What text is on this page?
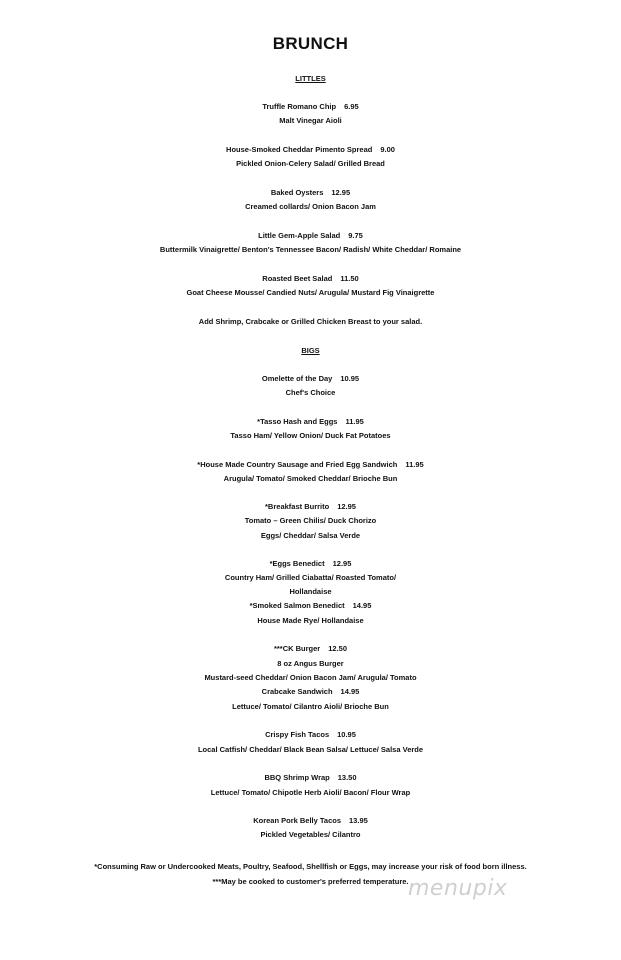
BRUNCH
LITTLES
Truffle Romano Chip 6.95
Malt Vinegar Aioli
House-Smoked Cheddar Pimento Spread 9.00
Pickled Onion-Celery Salad/ Grilled Bread
Baked Oysters 12.95
Creamed collards/ Onion Bacon Jam
Little Gem-Apple Salad 9.75
Buttermilk Vinaigrette/ Benton's Tennessee Bacon/ Radish/ White Cheddar/ Romaine
Roasted Beet Salad 11.50
Goat Cheese Mousse/ Candied Nuts/ Arugula/ Mustard Fig Vinaigrette
Add Shrimp, Crabcake or Grilled Chicken Breast to your salad.
BIGS
Omelette of the Day 10.95
Chef's Choice
*Tasso Hash and Eggs 11.95
Tasso Ham/ Yellow Onion/ Duck Fat Potatoes
*House Made Country Sausage and Fried Egg Sandwich 11.95
Arugula/ Tomato/ Smoked Cheddar/ Brioche Bun
*Breakfast Burrito 12.95
Tomato – Green Chilis/ Duck Chorizo
Eggs/ Cheddar/ Salsa Verde
*Eggs Benedict 12.95
Country Ham/ Grilled Ciabatta/ Roasted Tomato/
Hollandaise
*Smoked Salmon Benedict 14.95
House Made Rye/ Hollandaise
***CK Burger 12.50
8 oz Angus Burger
Mustard-seed Cheddar/ Onion Bacon Jam/ Arugula/ Tomato
Crabcake Sandwich 14.95
Lettuce/ Tomato/ Cilantro Aioli/ Brioche Bun
Crispy Fish Tacos 10.95
Local Catfish/ Cheddar/ Black Bean Salsa/ Lettuce/ Salsa Verde
BBQ Shrimp Wrap 13.50
Lettuce/ Tomato/ Chipotle Herb Aioli/ Bacon/ Flour Wrap
Korean Pork Belly Tacos 13.95
Pickled Vegetables/ Cilantro
*Consuming Raw or Undercooked Meats, Poultry, Seafood, Shellfish or Eggs, may increase your risk of food born illness.
***May be cooked to customer's preferred temperature. menupix
